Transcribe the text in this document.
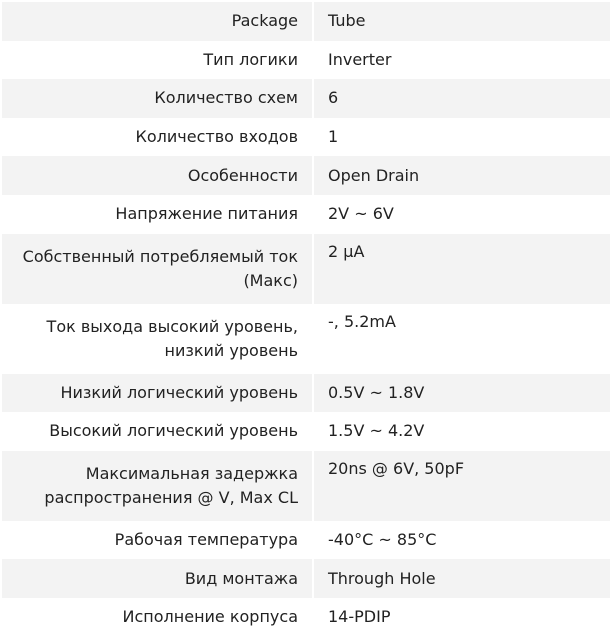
Package	Tube
Тип логики	Inverter
Количество схем	6
Количество входов	1
Особенности	Open Drain
Напряжение питания	2V ~ 6V
Собственный потребляемый ток (Макс)	2 µA
Ток выхода высокий уровень, низкий уровень	-, 5.2mA
Низкий логический уровень	0.5V ~ 1.8V
Высокий логический уровень	1.5V ~ 4.2V
Максимальная задержка распространения @ V, Max CL	20ns @ 6V, 50pF
Рабочая температура	-40°C ~ 85°C
Вид монтажа	Through Hole
Исполнение корпуса	14-PDIP
